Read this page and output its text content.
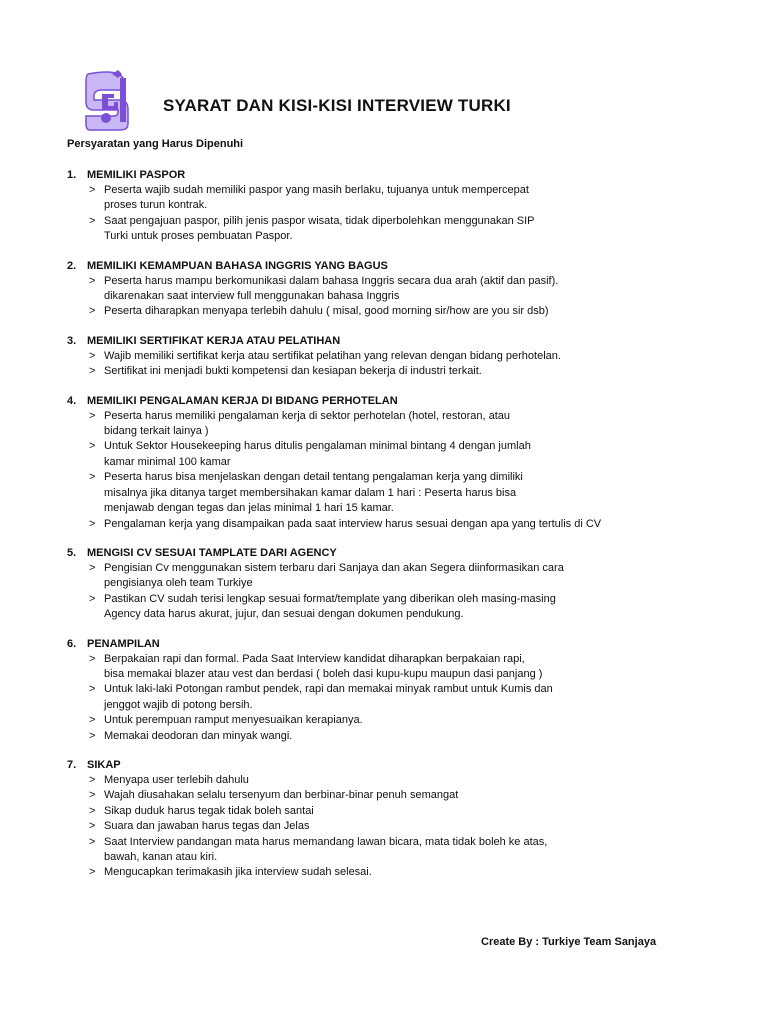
SYARAT DAN KISI-KISI INTERVIEW TURKI
Persyaratan yang Harus Dipenuhi
1. MEMILIKI PASPOR
> Peserta wajib sudah memiliki paspor yang masih berlaku, tujuanya untuk mempercepat
proses turun kontrak.
> Saat pengajuan paspor, pilih jenis paspor wisata, tidak diperbolehkan menggunakan SIP
Turki untuk proses pembuatan Paspor.
2. MEMILIKI KEMAMPUAN BAHASA INGGRIS YANG BAGUS
> Peserta harus mampu berkomunikasi dalam bahasa Inggris secara dua arah (aktif dan pasif).
dikarenakan saat interview full menggunakan bahasa Inggris
> Peserta diharapkan menyapa terlebih dahulu ( misal, good morning sir/how are you sir dsb)
3. MEMILIKI SERTIFIKAT KERJA ATAU PELATIHAN
> Wajib memiliki sertifikat kerja atau sertifikat pelatihan yang relevan dengan bidang perhotelan.
> Sertifikat ini menjadi bukti kompetensi dan kesiapan bekerja di industri terkait.
4. MEMILIKI PENGALAMAN KERJA DI BIDANG PERHOTELAN
> Peserta harus memiliki pengalaman kerja di sektor perhotelan (hotel, restoran, atau
bidang terkait lainya )
> Untuk Sektor Housekeeping harus ditulis pengalaman minimal bintang 4 dengan jumlah
kamar minimal 100 kamar
> Peserta harus bisa menjelaskan dengan detail tentang pengalaman kerja yang dimiliki
misalnya jika ditanya target membersihakan kamar dalam 1 hari : Peserta harus bisa
menjawab dengan tegas dan jelas minimal 1 hari 15 kamar.
> Pengalaman kerja yang disampaikan pada saat interview harus sesuai dengan apa yang tertulis di CV
5. MENGISI CV SESUAI TAMPLATE DARI AGENCY
> Pengisian Cv menggunakan sistem terbaru dari Sanjaya dan akan Segera diinformasikan cara
pengisianya oleh team Turkiye
> Pastikan CV sudah terisi lengkap sesuai format/template yang diberikan oleh masing-masing
Agency data harus akurat, jujur, dan sesuai dengan dokumen pendukung.
6. PENAMPILAN
> Berpakaian rapi dan formal. Pada Saat Interview kandidat diharapkan berpakaian rapi,
bisa memakai blazer atau vest dan berdasi ( boleh dasi kupu-kupu maupun dasi panjang )
> Untuk laki-laki Potongan rambut pendek, rapi dan memakai minyak rambut untuk Kumis dan
jenggot wajib di potong bersih.
> Untuk perempuan ramput menyesuaikan kerapianya.
> Memakai deodoran dan minyak wangi.
7. SIKAP
> Menyapa user terlebih dahulu
> Wajah diusahakan selalu tersenyum dan berbinar-binar penuh semangat
> Sikap duduk harus tegak tidak boleh santai
> Suara dan jawaban harus tegas dan Jelas
> Saat Interview pandangan mata harus memandang lawan bicara, mata tidak boleh ke atas,
bawah, kanan atau kiri.
> Mengucapkan terimakasih jika interview sudah selesai.
Create By : Turkiye Team Sanjaya
